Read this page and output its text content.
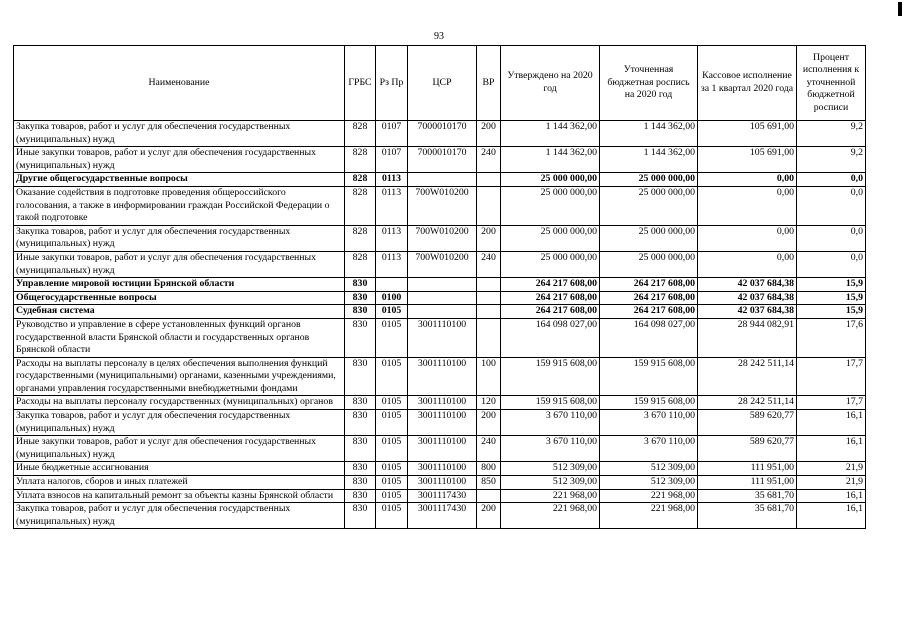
93
Наименование	ГРБС	Рз Пр	ЦСР	ВР	Утверждено на 2020 год	Уточненная бюджетная роспись на 2020 год	Кассовое исполнение за 1 квартал 2020 года	Процент исполнения к уточненной бюджетной росписи
Закупка товаров, работ и услуг для обеспечения государственных (муниципальных) нужд	828	0107	7000010170	200	1 144 362,00	1 144 362,00	105 691,00	9,2
Иные закупки товаров, работ и услуг для обеспечения государственных (муниципальных) нужд	828	0107	7000010170	240	1 144 362,00	1 144 362,00	105 691,00	9,2
Другие общегосударственные вопросы	828	0113			25 000 000,00	25 000 000,00	0,00	0,0
Оказание содействия в подготовке проведения общероссийского голосования, а также в информировании граждан Российской Федерации о такой подготовке	828	0113	700W010200		25 000 000,00	25 000 000,00	0,00	0,0
Закупка товаров, работ и услуг для обеспечения государственных (муниципальных) нужд	828	0113	700W010200	200	25 000 000,00	25 000 000,00	0,00	0,0
Иные закупки товаров, работ и услуг для обеспечения государственных (муниципальных) нужд	828	0113	700W010200	240	25 000 000,00	25 000 000,00	0,00	0,0
Управление мировой юстиции Брянской области	830				264 217 608,00	264 217 608,00	42 037 684,38	15,9
Общегосударственные вопросы	830	0100			264 217 608,00	264 217 608,00	42 037 684,38	15,9
Судебная система	830	0105			264 217 608,00	264 217 608,00	42 037 684,38	15,9
Руководство и управление в сфере установленных функций органов государственной власти Брянской области и государственных органов Брянской области	830	0105	3001110100		164 098 027,00	164 098 027,00	28 944 082,91	17,6
Расходы на выплаты персоналу в целях обеспечения выполнения функций государственными (муниципальными) органами, казенными учреждениями, органами управления государственными внебюджетными фондами	830	0105	3001110100	100	159 915 608,00	159 915 608,00	28 242 511,14	17,7
Расходы на выплаты персоналу государственных (муниципальных) органов	830	0105	3001110100	120	159 915 608,00	159 915 608,00	28 242 511,14	17,7
Закупка товаров, работ и услуг для обеспечения государственных (муниципальных) нужд	830	0105	3001110100	200	3 670 110,00	3 670 110,00	589 620,77	16,1
Иные закупки товаров, работ и услуг для обеспечения государственных (муниципальных) нужд	830	0105	3001110100	240	3 670 110,00	3 670 110,00	589 620,77	16,1
Иные бюджетные ассигнования	830	0105	3001110100	800	512 309,00	512 309,00	111 951,00	21,9
Уплата налогов, сборов и иных платежей	830	0105	3001110100	850	512 309,00	512 309,00	111 951,00	21,9
Уплата взносов на капитальный ремонт за объекты казны Брянской области	830	0105	3001117430		221 968,00	221 968,00	35 681,70	16,1
Закупка товаров, работ и услуг для обеспечения государственных (муниципальных) нужд	830	0105	3001117430	200	221 968,00	221 968,00	35 681,70	16,1
